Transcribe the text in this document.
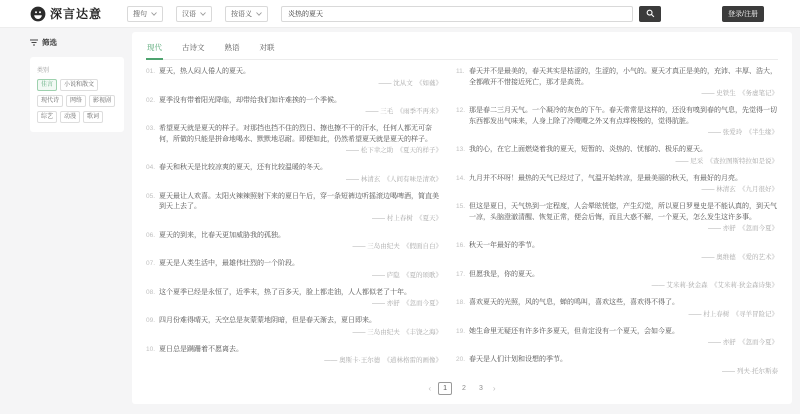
深言达意	搜句	汉语	按语义
炎热的夏天	登录/注册
筛选
类别
佳言	小说和散文
现代诗	网络	影视剧
综艺	动漫	歌词
现代	古诗文	熟语	对联
01. 夏天，热人闷人倦人的夏天。
—— 沈从文 《如蕤》
02. 夏季没有带着阳光降临，却带给我们如许难挨的一个季候。
—— 三毛 《雨季不再来》
03. 希望夏天就是夏天的样子。对那挡也挡不住的烈日、擦也擦不干的汗水，任何人都无可奈何，所做的只能是拼命地喝水、默默地忍耐。即便如此，仍然希望夏天就是夏天的样子。
—— 松下幸之助 《夏天的样子》
04. 春天和秋天是比较凉爽的夏天，还有比较温暖的冬天。
—— 林清玄 《人间有味是清欢》
05. 夏天最让人欢喜。太阳火辣辣照射下来的夏日午后，穿一条短裤边听摇滚边喝啤酒，简直美到天上去了。
—— 村上春树 《夏天》
06. 夏天的到来，比春天更加威胁我的孤独。
—— 三岛由纪夫 《假面自白》
07. 夏天是人类生活中，最雄伟壮烈的一个阶段。
—— 庐隐 《夏的颂歌》
08. 这个夏季已经是永恒了，近季末，热了百多天，脸上都走油，人人都似老了十年。
—— 亦舒 《忽而今夏》
09. 四月份难得晴天，天空总是灰蒙蒙地阴暗，但是春天渐去，夏日即来。
—— 三岛由纪夫 《丰饶之海》
10. 夏日总是蹒跚着不愿离去。
—— 奥斯卡·王尔德 《道林格雷的画像》
11. 春天并不是最美的，春天其实是枯涩的，生涩的，小气的。夏天才真正是美的，充沛、丰厚、浩大，全都敞开不惜接近死亡，那才是高贵。
—— 史铁生 《务虚笔记》
12. 那是春二三月天气。一个凝冷的灰色的下午。春天常常是这样的，还没有嗅到春的气息，先觉得一切东西都发出气味来，人身上除了冷飕飕之外又有点痒梭梭的，觉得肮脏。
—— 张爱玲 《半生缘》
13. 我的心，在它上面燃烧着我的夏天，短暂的、炎热的、忧郁的、极乐的夏天。
—— 尼采 《查拉图斯特拉如是说》
14. 九月并不坏呀！最热的天气已经过了，气温开始转凉，是最美丽的秋天，有最好的月亮。
—— 林清玄 《九月很好》
15. 但这是夏日，天气热到一定程度，人会晕眩恍惚，产生幻觉，所以夏日罗曼史是不能认真的，到天气一凉，头脑澄澈清醒、恢复正常，便会后悔，而且大惑不解，一个夏天，怎么发生这许多事。
—— 亦舒 《忽而今夏》
16. 秋天一年最好的季节。
—— 奥维德 《爱的艺术》
17. 但愿我是，你的夏天。
—— 艾米莉·狄金森 《艾米莉·狄金森诗集》
18. 喜欢夏天的光照，风的气息，蝉的鸣叫，喜欢这些，喜欢得不得了。
—— 村上春树 《寻羊冒险记》
19. 她生命里无疑还有许多许多夏天，但肯定没有一个夏天，会如今夏。
—— 亦舒 《忽而今夏》
20. 春天是人们计划和设想的季节。
—— 列夫·托尔斯泰
‹	1	2	3	›
